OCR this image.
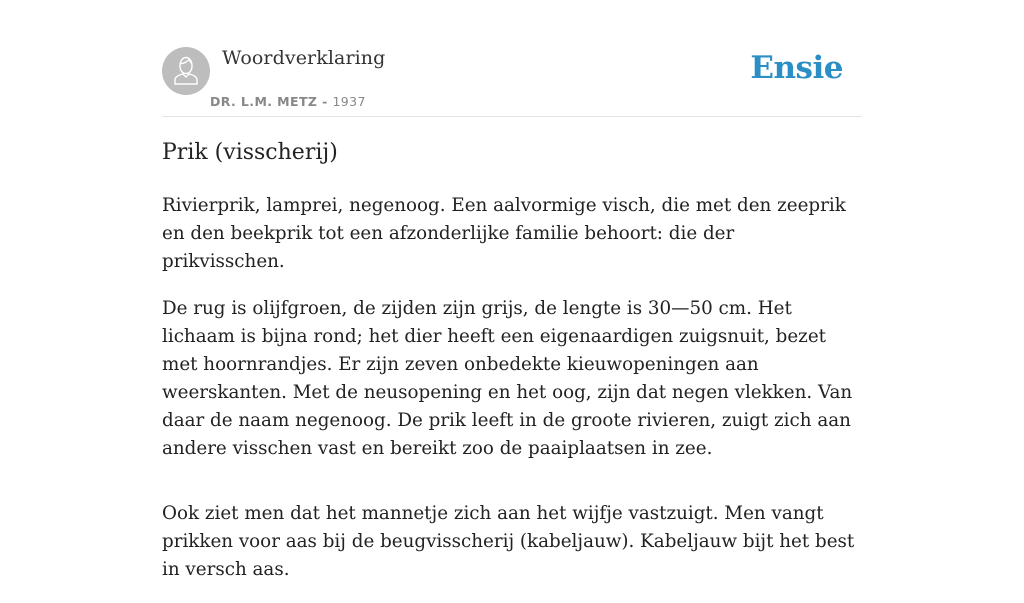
Woordverklaring
DR. L.M. METZ - 1937
Ensie
Prik (visscherij)

Rivierprik, lamprei, negenoog. Een aalvormige visch, die met den zeeprik en den beekprik tot een afzonderlijke familie behoort: die der prikvisschen.

De rug is olijfgroen, de zijden zijn grijs, de lengte is 30—50 cm. Het lichaam is bijna rond; het dier heeft een eigenaardigen zuigsnuit, bezet met hoornrandjes. Er zijn zeven onbedekte kieuwopeningen aan weerskanten. Met de neusopening en het oog, zijn dat negen vlekken. Van daar de naam negenoog. De prik leeft in de groote rivieren, zuigt zich aan andere visschen vast en bereikt zoo de paaiplaatsen in zee.

Ook ziet men dat het mannetje zich aan het wijfje vastzuigt. Men vangt prikken voor aas bij de beugvisscherij (kabeljauw). Kabeljauw bijt het best in versch aas.
